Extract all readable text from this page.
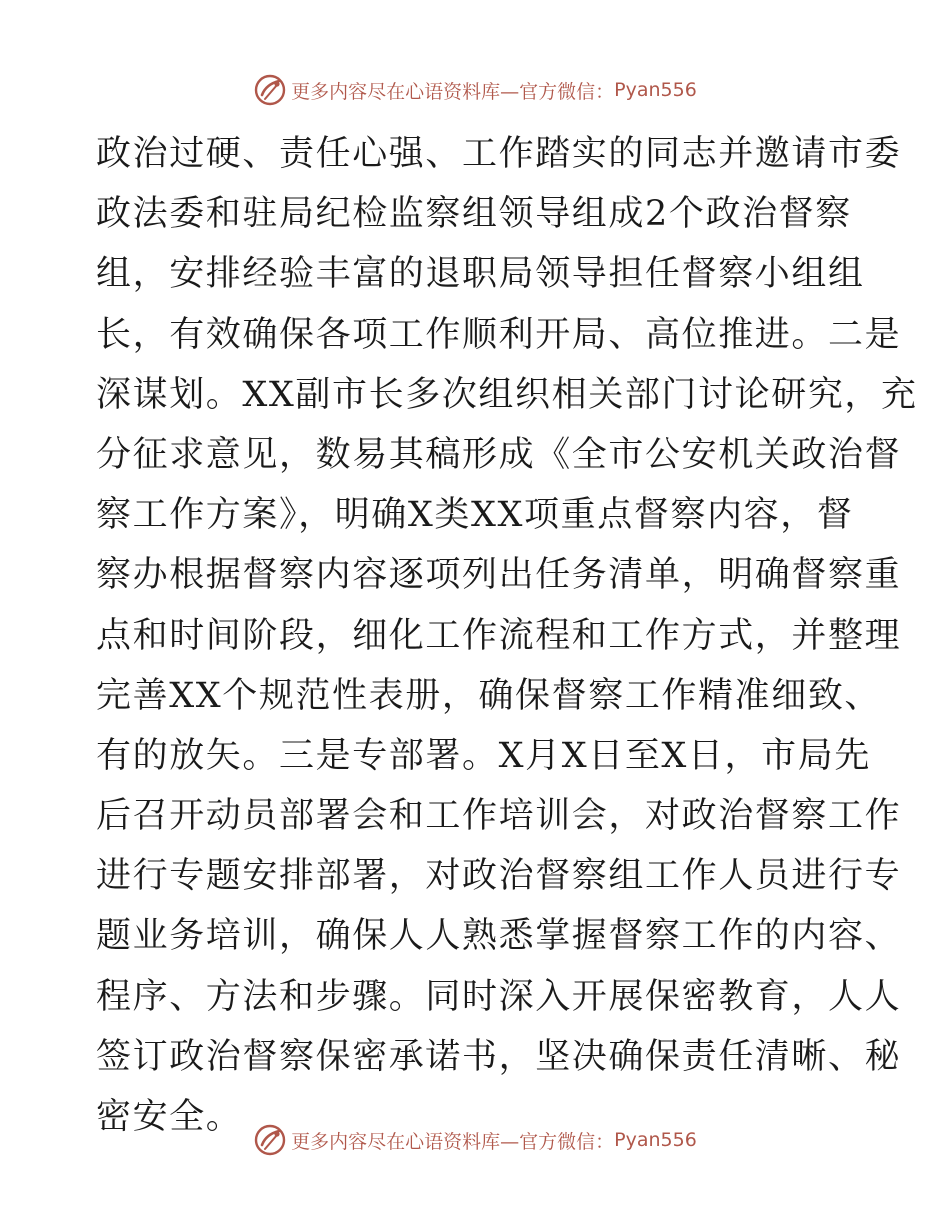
更多内容尽在心语资料库—官方微信： Pyan556
政治过硬、责任心强、工作踏实的同志并邀请市委
政法委和驻局纪检监察组领导组成2个政治督察
组，安排经验丰富的退职局领导担任督察小组组
长，有效确保各项工作顺利开局、高位推进。二是
深谋划。XX副市长多次组织相关部门讨论研究，充
分征求意见，数易其稿形成《全市公安机关政治督
察工作方案》，明确X类XX项重点督察内容，督
察办根据督察内容逐项列出任务清单，明确督察重
点和时间阶段，细化工作流程和工作方式，并整理
完善XX个规范性表册，确保督察工作精准细致、
有的放矢。三是专部署。X月X日至X日，市局先
后召开动员部署会和工作培训会，对政治督察工作
进行专题安排部署，对政治督察组工作人员进行专
题业务培训，确保人人熟悉掌握督察工作的内容、
程序、方法和步骤。同时深入开展保密教育，人人
签订政治督察保密承诺书，坚决确保责任清晰、秘
密安全。
更多内容尽在心语资料库—官方微信： Pyan556
